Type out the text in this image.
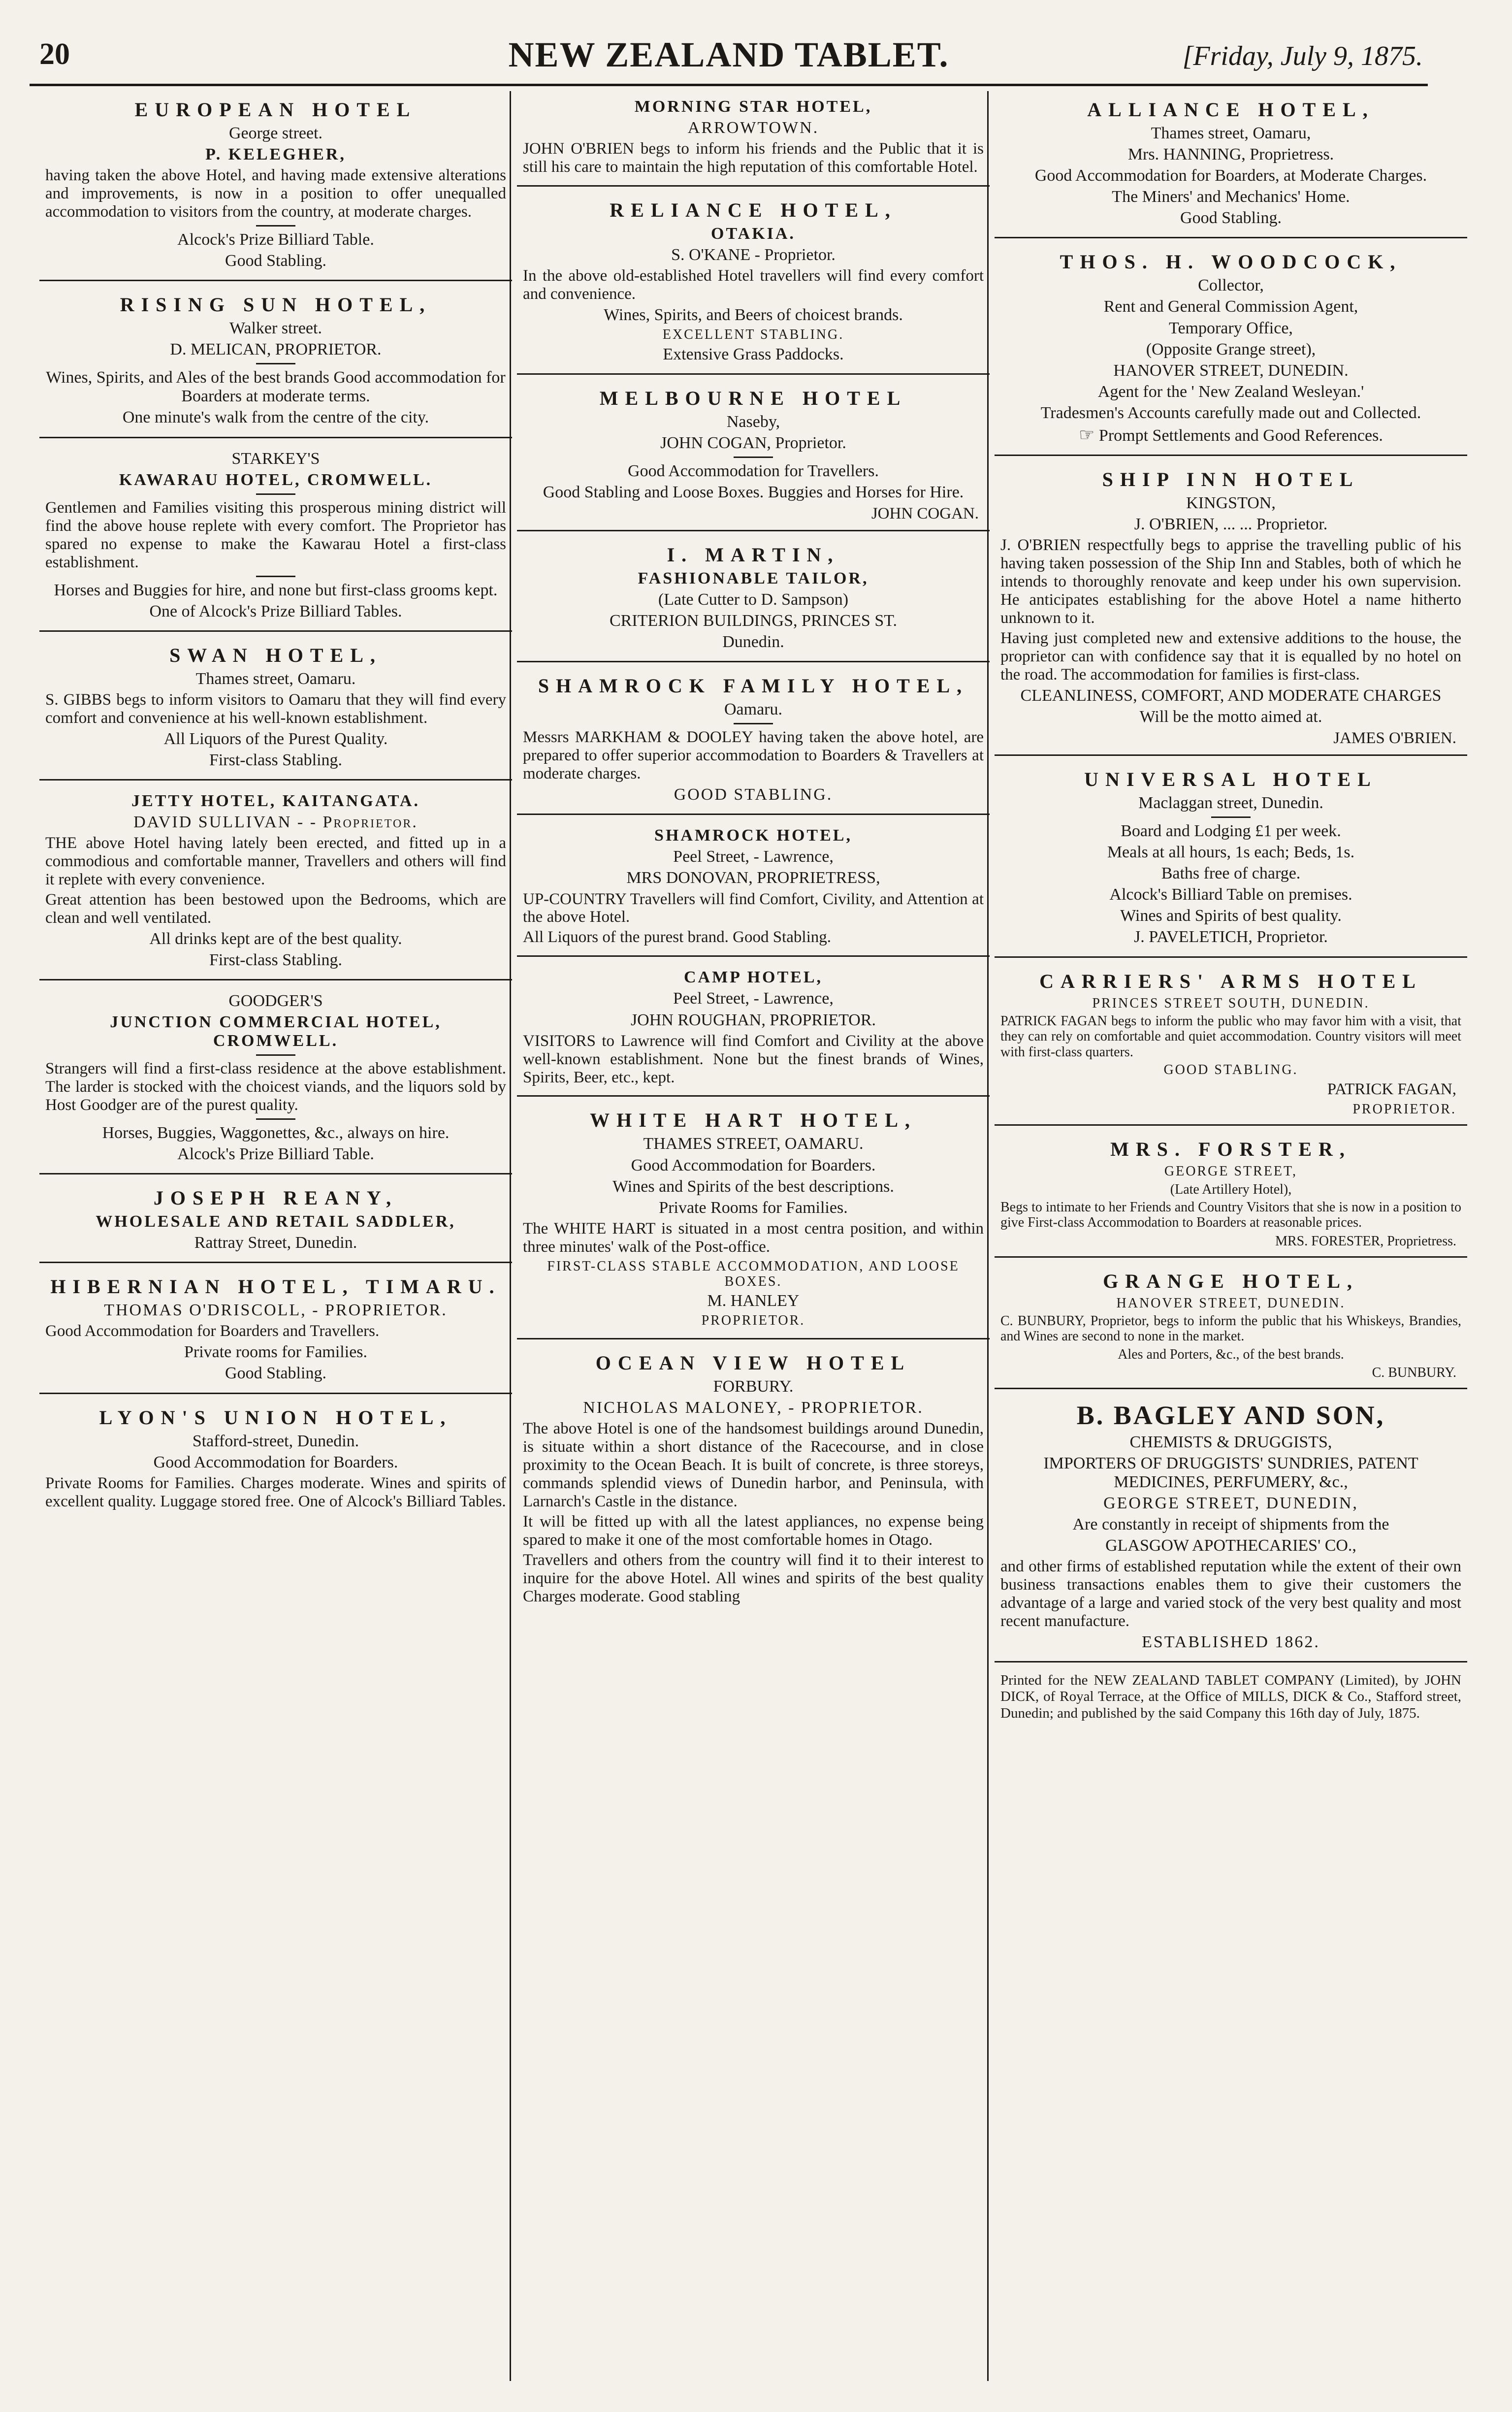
20	NEW ZEALAND TABLET.	[Friday, July 9, 1875.
EUROPEAN HOTEL
George street.
P. KELEGHER,
having taken the above Hotel, and having made extensive alterations and improvements, is now in a position to offer unequalled accommodation to visitors from the country, at moderate charges.
Alcock's Prize Billiard Table.
Good Stabling.
RISING SUN HOTEL,
Walker street.
D. MELICAN, PROPRIETOR.
Wines, Spirits, and Ales of the best brands Good accommodation for Boarders at moderate terms.
One minute's walk from the centre of the city.
STARKEY'S
KAWARAU HOTEL, CROMWELL.
Gentlemen and Families visiting this prosperous mining district will find the above house replete with every comfort. The Proprietor has spared no expense to make the Kawarau Hotel a first-class establishment.
Horses and Buggies for hire, and none but first-class grooms kept.
One of Alcock's Prize Billiard Tables.
SWAN HOTEL,
Thames street, Oamaru.
S. GIBBS begs to inform visitors to Oamaru that they will find every comfort and convenience at his well-known establishment.
All Liquors of the Purest Quality.
First-class Stabling.
JETTY HOTEL, KAITANGATA.
DAVID SULLIVAN - - Proprietor.
THE above Hotel having lately been erected, and fitted up in a commodious and comfortable manner, Travellers and others will find it replete with every convenience.
Great attention has been bestowed upon the Bedrooms, which are clean and well ventilated.
All drinks kept are of the best quality.
First-class Stabling.
GOODGER'S
JUNCTION COMMERCIAL HOTEL, CROMWELL.
Strangers will find a first-class residence at the above establishment. The larder is stocked with the choicest viands, and the liquors sold by Host Goodger are of the purest quality.
Horses, Buggies, Waggonettes, &c., always on hire.
Alcock's Prize Billiard Table.
JOSEPH REANY,
WHOLESALE AND RETAIL SADDLER,
Rattray Street, Dunedin.
HIBERNIAN HOTEL, TIMARU.
THOMAS O'DRISCOLL, - PROPRIETOR.
Good Accommodation for Boarders and Travellers.
Private rooms for Families.
Good Stabling.
LYON'S UNION HOTEL,
Stafford-street, Dunedin.
Good Accommodation for Boarders.
Private Rooms for Families. Charges moderate. Wines and spirits of excellent quality. Luggage stored free. One of Alcock's Billiard Tables.
MORNING STAR HOTEL,
ARROWTOWN.
JOHN O'BRIEN begs to inform his friends and the Public that it is still his care to maintain the high reputation of this comfortable Hotel.
RELIANCE HOTEL,
OTAKIA.
S. O'KANE - Proprietor.
In the above old-established Hotel travellers will find every comfort and convenience.
Wines, Spirits, and Beers of choicest brands.
EXCELLENT STABLING.
Extensive Grass Paddocks.
MELBOURNE HOTEL
Naseby,
JOHN COGAN, Proprietor.
Good Accommodation for Travellers.
Good Stabling and Loose Boxes. Buggies and Horses for Hire.
JOHN COGAN.
I. MARTIN,
FASHIONABLE TAILOR,
(Late Cutter to D. Sampson)
CRITERION BUILDINGS, PRINCES ST.
Dunedin.
SHAMROCK FAMILY HOTEL,
Oamaru.
Messrs MARKHAM & DOOLEY having taken the above hotel, are prepared to offer superior accommodation to Boarders & Travellers at moderate charges.
GOOD STABLING.
SHAMROCK HOTEL,
Peel Street, - Lawrence,
MRS DONOVAN, PROPRIETRESS,
UP-COUNTRY Travellers will find Comfort, Civility, and Attention at the above Hotel.
All Liquors of the purest brand. Good Stabling.
CAMP HOTEL,
Peel Street, - Lawrence,
JOHN ROUGHAN, PROPRIETOR.
VISITORS to Lawrence will find Comfort and Civility at the above well-known establishment. None but the finest brands of Wines, Spirits, Beer, etc., kept.
WHITE HART HOTEL,
THAMES STREET, OAMARU.
Good Accommodation for Boarders.
Wines and Spirits of the best descriptions.
Private Rooms for Families.
The WHITE HART is situated in a most centra position, and within three minutes' walk of the Post-office.
FIRST-CLASS STABLE ACCOMMODATION, AND LOOSE BOXES.
M. HANLEY
PROPRIETOR.
OCEAN VIEW HOTEL
FORBURY.
NICHOLAS MALONEY, - PROPRIETOR.
The above Hotel is one of the handsomest buildings around Dunedin, is situate within a short distance of the Racecourse, and in close proximity to the Ocean Beach. It is built of concrete, is three storeys, commands splendid views of Dunedin harbor, and Peninsula, with Larnarch's Castle in the distance.
It will be fitted up with all the latest appliances, no expense being spared to make it one of the most comfortable homes in Otago.
Travellers and others from the country will find it to their interest to inquire for the above Hotel. All wines and spirits of the best quality Charges moderate. Good stabling
ALLIANCE HOTEL,
Thames street, Oamaru,
Mrs. HANNING, Proprietress.
Good Accommodation for Boarders, at Moderate Charges.
The Miners' and Mechanics' Home.
Good Stabling.
THOS. H. WOODCOCK,
Collector,
Rent and General Commission Agent,
Temporary Office,
(Opposite Grange street),
HANOVER STREET, DUNEDIN.
Agent for the ' New Zealand Wesleyan.'
Tradesmen's Accounts carefully made out and Collected.
☞ Prompt Settlements and Good References.
SHIP INN HOTEL
KINGSTON,
J. O'BRIEN, ... ... Proprietor.
J. O'BRIEN respectfully begs to apprise the travelling public of his having taken possession of the Ship Inn and Stables, both of which he intends to thoroughly renovate and keep under his own supervision. He anticipates establishing for the above Hotel a name hitherto unknown to it.
Having just completed new and extensive additions to the house, the proprietor can with confidence say that it is equalled by no hotel on the road. The accommodation for families is first-class.
CLEANLINESS, COMFORT, AND MODERATE CHARGES
Will be the motto aimed at.
JAMES O'BRIEN.
UNIVERSAL HOTEL
Maclaggan street, Dunedin.
Board and Lodging £1 per week.
Meals at all hours, 1s each; Beds, 1s.
Baths free of charge.
Alcock's Billiard Table on premises.
Wines and Spirits of best quality.
J. PAVELETICH, Proprietor.
CARRIERS' ARMS HOTEL
PRINCES STREET SOUTH, DUNEDIN.
PATRICK FAGAN begs to inform the public who may favor him with a visit, that they can rely on comfortable and quiet accommodation. Country visitors will meet with first-class quarters.
GOOD STABLING.
PATRICK FAGAN,
PROPRIETOR.
MRS. FORSTER,
GEORGE STREET,
(Late Artillery Hotel),
Begs to intimate to her Friends and Country Visitors that she is now in a position to give First-class Accommodation to Boarders at reasonable prices.
MRS. FORESTER, Proprietress.
GRANGE HOTEL,
HANOVER STREET, DUNEDIN.
C. BUNBURY, Proprietor, begs to inform the public that his Whiskeys, Brandies, and Wines are second to none in the market.
Ales and Porters, &c., of the best brands.
C. BUNBURY.
B. BAGLEY AND SON,
CHEMISTS & DRUGGISTS,
IMPORTERS OF DRUGGISTS' SUNDRIES, PATENT MEDICINES, PERFUMERY, &c.,
GEORGE STREET, DUNEDIN,
Are constantly in receipt of shipments from the
GLASGOW APOTHECARIES' CO.,
and other firms of established reputation while the extent of their own business transactions enables them to give their customers the advantage of a large and varied stock of the very best quality and most recent manufacture.
ESTABLISHED 1862.
Printed for the NEW ZEALAND TABLET COMPANY (Limited), by JOHN DICK, of Royal Terrace, at the Office of MILLS, DICK & Co., Stafford street, Dunedin; and published by the said Company this 16th day of July, 1875.
